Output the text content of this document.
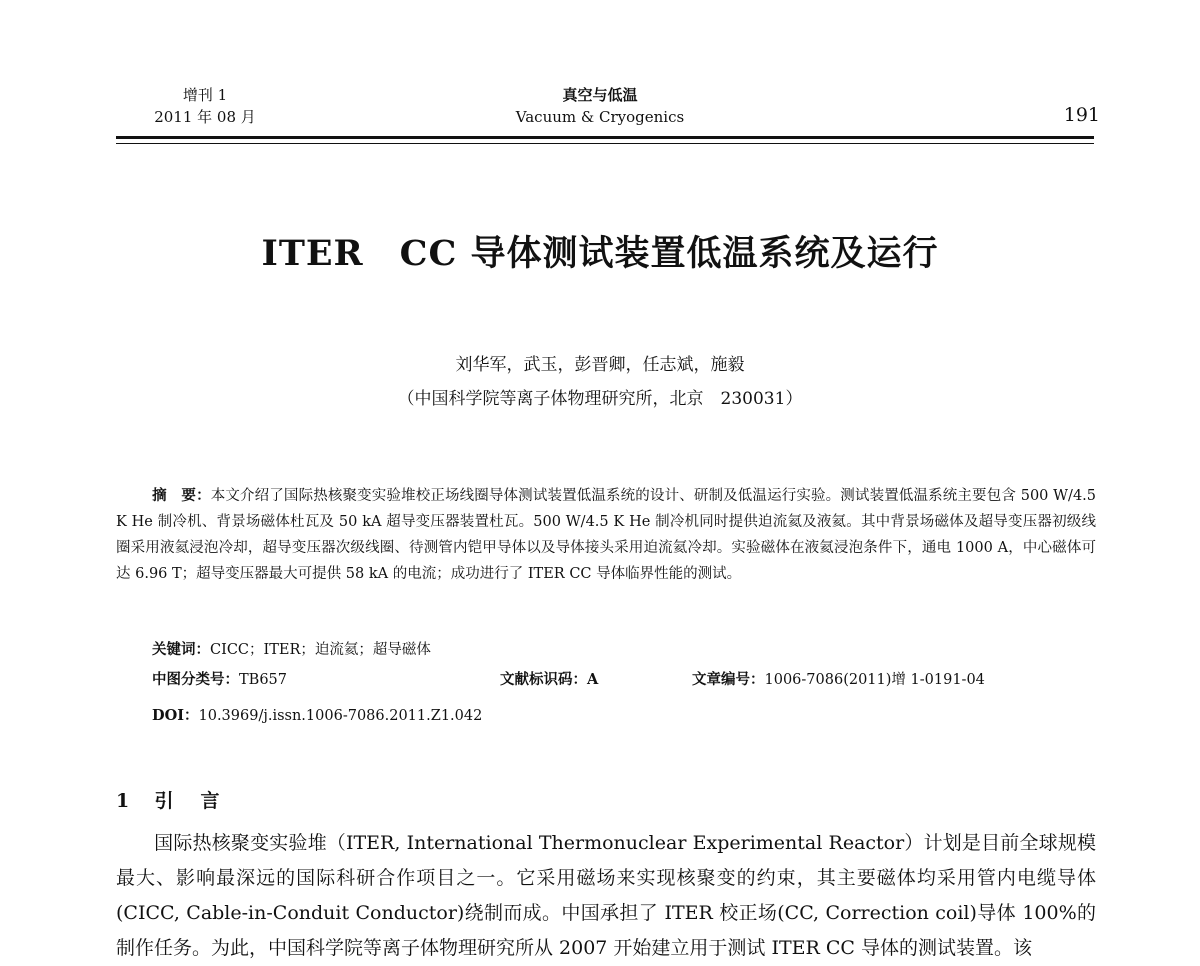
增刊 1
2011 年 08 月
真空与低温
Vacuum & Cryogenics	191
ITER　CC 导体测试装置低温系统及运行
刘华军，武玉，彭晋卿，任志斌，施毅
（中国科学院等离子体物理研究所，北京　230031）
摘　要：本文介绍了国际热核聚变实验堆校正场线圈导体测试装置低温系统的设计、研制及低温运行实验。测试装置低温系统主要包含 500 W/4.5 K He 制冷机、背景场磁体杜瓦及 50 kA 超导变压器装置杜瓦。500 W/4.5 K He 制冷机同时提供迫流氦及液氦。其中背景场磁体及超导变压器初级线圈采用液氦浸泡冷却，超导变压器次级线圈、待测管内铠甲导体以及导体接头采用迫流氦冷却。实验磁体在液氦浸泡条件下，通电 1000 A，中心磁体可达 6.96 T；超导变压器最大可提供 58 kA 的电流；成功进行了 ITER CC 导体临界性能的测试。
关键词：CICC；ITER；迫流氦；超导磁体
中图分类号：TB657	文献标识码：A	文章编号：1006-7086(2011)增 1-0191-04
DOI：10.3969/j.issn.1006-7086.2011.Z1.042
1 引　言
国际热核聚变实验堆（ITER, International Thermonuclear Experimental Reactor）计划是目前全球规模最大、影响最深远的国际科研合作项目之一。它采用磁场来实现核聚变的约束，其主要磁体均采用管内电缆导体(CICC, Cable-in-Conduit Conductor)绕制而成。中国承担了 ITER 校正场(CC, Correction coil)导体 100%的制作任务。为此，中国科学院等离子体物理研究所从 2007 开始建立用于测试 ITER CC 导体的测试装置。该
